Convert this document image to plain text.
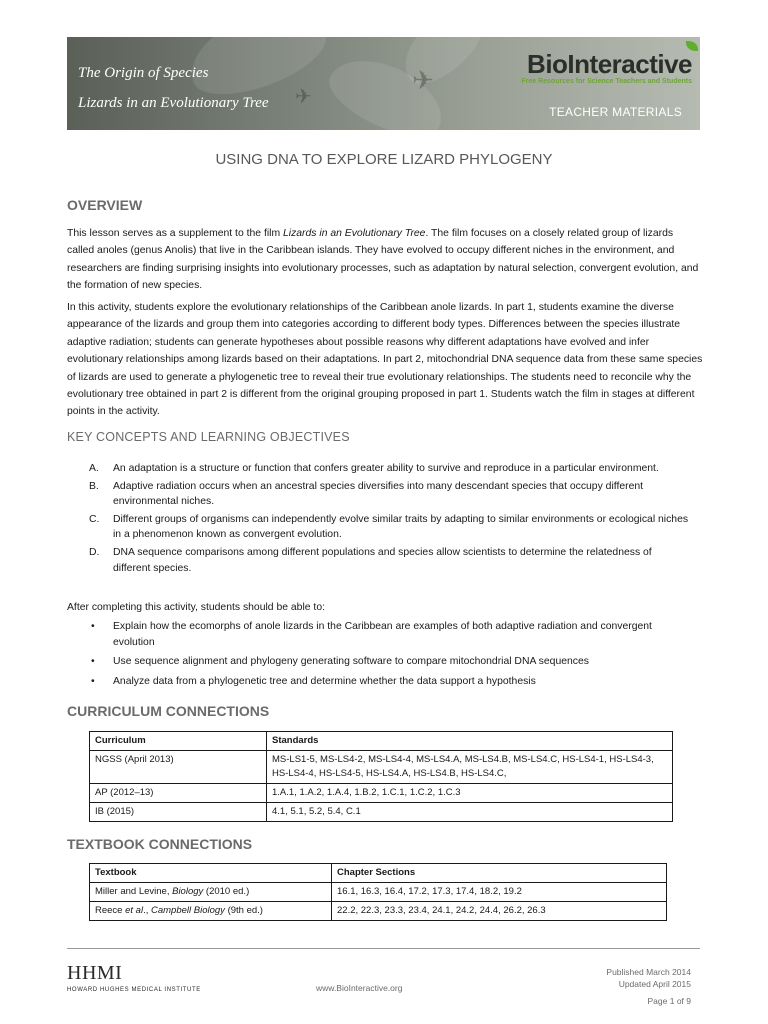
✈
✈
The Origin of Species
Lizards in an Evolutionary Tree
BioInteractive
Free Resources for Science Teachers and Students
TEACHER MATERIALS
USING DNA TO EXPLORE LIZARD PHYLOGENY
OVERVIEW
This lesson serves as a supplement to the film Lizards in an Evolutionary Tree. The film focuses on a closely related group of lizards called anoles (genus Anolis) that live in the Caribbean islands. They have evolved to occupy different niches in the environment, and researchers are finding surprising insights into evolutionary processes, such as adaptation by natural selection, convergent evolution, and the formation of new species.
In this activity, students explore the evolutionary relationships of the Caribbean anole lizards. In part 1, students examine the diverse appearance of the lizards and group them into categories according to different body types. Differences between the species illustrate adaptive radiation; students can generate hypotheses about possible reasons why different adaptations have evolved and infer evolutionary relationships among lizards based on their adaptations. In part 2, mitochondrial DNA sequence data from these same species of lizards are used to generate a phylogenetic tree to reveal their true evolutionary relationships. The students need to reconcile why the evolutionary tree obtained in part 2 is different from the original grouping proposed in part 1. Students watch the film in stages at different points in the activity.
KEY CONCEPTS AND LEARNING OBJECTIVES
A. An adaptation is a structure or function that confers greater ability to survive and reproduce in a particular environment.
B. Adaptive radiation occurs when an ancestral species diversifies into many descendant species that occupy different environmental niches.
C. Different groups of organisms can independently evolve similar traits by adapting to similar environments or ecological niches in a phenomenon known as convergent evolution.
D. DNA sequence comparisons among different populations and species allow scientists to determine the relatedness of different species.
After completing this activity, students should be able to:
• Explain how the ecomorphs of anole lizards in the Caribbean are examples of both adaptive radiation and convergent evolution
• Use sequence alignment and phylogeny generating software to compare mitochondrial DNA sequences
• Analyze data from a phylogenetic tree and determine whether the data support a hypothesis
CURRICULUM CONNECTIONS
Curriculum	Standards
NGSS (April 2013)	MS-LS1-5, MS-LS4-2, MS-LS4-4, MS-LS4.A, MS-LS4.B, MS-LS4.C, HS-LS4-1, HS-LS4-3, HS-LS4-4, HS-LS4-5, HS-LS4.A, HS-LS4.B, HS-LS4.C,
AP (2012–13)	1.A.1, 1.A.2, 1.A.4, 1.B.2, 1.C.1, 1.C.2, 1.C.3
IB (2015)	4.1, 5.1, 5.2, 5.4, C.1
TEXTBOOK CONNECTIONS
Textbook	Chapter Sections
Miller and Levine, Biology (2010 ed.)	16.1, 16.3, 16.4, 17.2, 17.3, 17.4, 18.2, 19.2
Reece et al., Campbell Biology (9th ed.)	22.2, 22.3, 23.3, 23.4, 24.1, 24.2, 24.4, 26.2, 26.3
HHMI
HOWARD HUGHES MEDICAL INSTITUTE	www.BioInteractive.org
Published March 2014
Updated April 2015
Page 1 of 9
